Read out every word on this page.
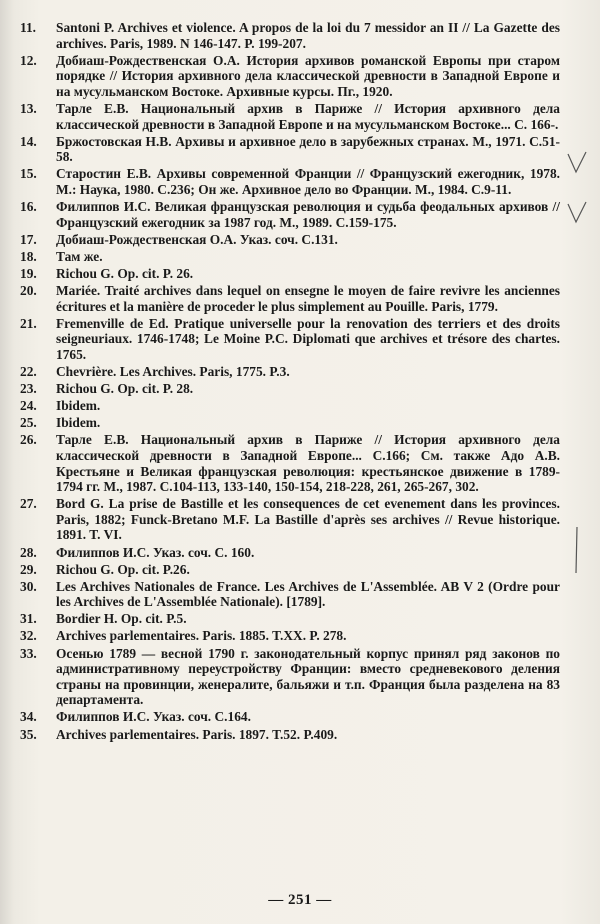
11.	Santoni P. Archives et violence. A propos de la loi du 7 messidor an II // La Gazette des archives. Paris, 1989. N 146-147. P. 199-207.
12.	Добиаш-Рождественская О.А. История архивов романской Европы при старом порядке // История архивного дела классической древности в Западной Европе и на мусульманском Востоке. Архивные курсы. Пг., 1920.
13.	Тарле Е.В. Национальный архив в Париже // История архивного дела классической древности в Западной Европе и на мусульманском Востоке... С. 166-.
14.	Бржостовская Н.В. Архивы и архивное дело в зарубежных странах. М., 1971. С.51-58.
15.	Старостин Е.В. Архивы современной Франции // Французский ежегодник, 1978. М.: Наука, 1980. С.236; Он же. Архивное дело во Франции. М., 1984. С.9-11.
16.	Филиппов И.С. Великая французская революция и судьба феодальных архивов // Французский ежегодник за 1987 год. М., 1989. С.159-175.
17.	Добиаш-Рождественская О.А. Указ. соч. С.131.
18.	Там же.
19.	Richou G. Op. cit. P. 26.
20.	Mariée. Traité archives dans lequel on ensegne le moyen de faire revivre les anciennes écritures et la manière de proceder le plus simplement au Pouille. Paris, 1779.
21.	Fremenville de Ed. Pratique universelle pour la renovation des terriers et des droits seigneuriaux. 1746-1748; Le Moine P.C. Diplomati que archives et trésore des chartes. 1765.
22.	Chevrière. Les Archives. Paris, 1775. P.3.
23.	Richou G. Op. cit. P. 28.
24.	Ibidem.
25.	Ibidem.
26.	Тарле Е.В. Национальный архив в Париже // История архивного дела классической древности в Западной Европе... С.166; См. также Адо А.В. Крестьяне и Великая французская революция: крестьянское движение в 1789-1794 гг. М., 1987. С.104-113, 133-140, 150-154, 218-228, 261, 265-267, 302.
27.	Bord G. La prise de Bastille et les consequences de cet evenement dans les provinces. Paris, 1882; Funck-Bretano M.F. La Bastille d'après ses archives // Revue historique. 1891. T. VI.
28.	Филиппов И.С. Указ. соч. С. 160.
29.	Richou G. Op. cit. P.26.
30.	Les Archives Nationales de France. Les Archives de L'Assemblée. AB V 2 (Ordre pour les Archives de L'Assemblée Nationale). [1789].
31.	Bordier H. Op. cit. P.5.
32.	Archives parlementaires. Paris. 1885. T.XX. P. 278.
33.	Осенью 1789 — весной 1790 г. законодательный корпус принял ряд законов по административному переустройству Франции: вместо средневекового деления страны на провинции, женералите, бальяжи и т.п. Франция была разделена на 83 департамента.
34.	Филиппов И.С. Указ. соч. С.164.
35.	Archives parlementaires. Paris. 1897. T.52. P.409.
— 251 —
